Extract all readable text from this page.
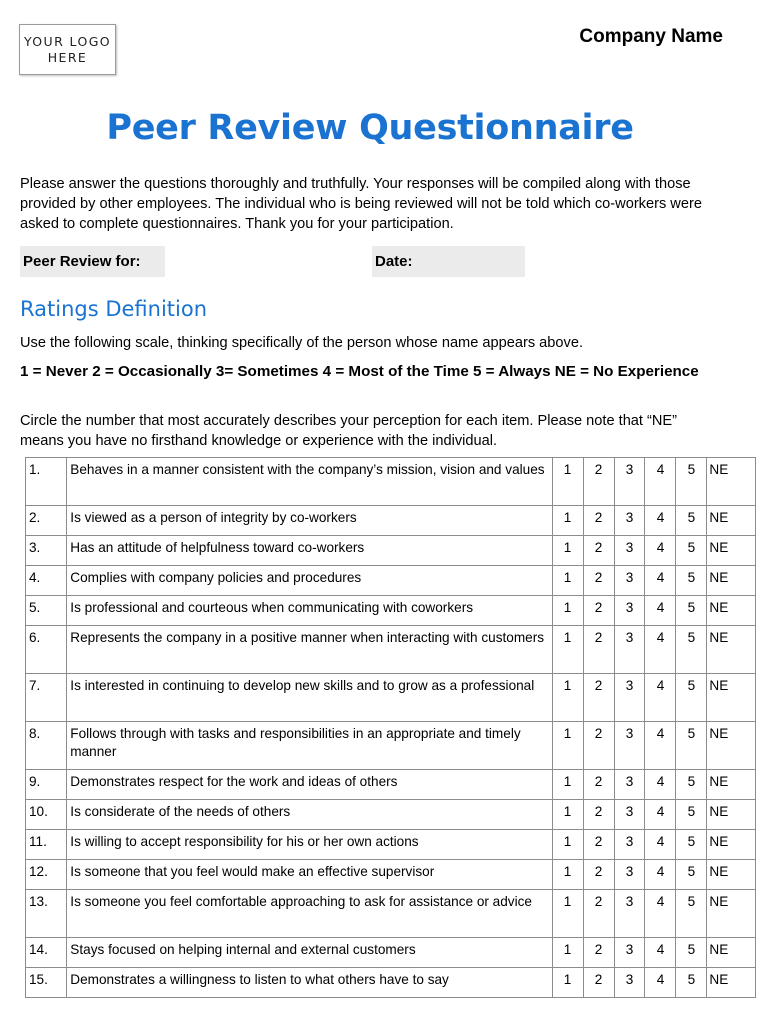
YOUR LOGO
HERE
Company Name
Peer Review Questionnaire
Please answer the questions thoroughly and truthfully. Your responses will be compiled along with those provided by other employees. The individual who is being reviewed will not be told which co-workers were asked to complete questionnaires. Thank you for your participation.
Peer Review for:	Date:
Ratings Definition
Use the following scale, thinking specifically of the person whose name appears above.
1 = Never 2 = Occasionally 3= Sometimes 4 = Most of the Time 5 = Always NE = No Experience
Circle the number that most accurately describes your perception for each item. Please note that “NE” means you have no firsthand knowledge or experience with the individual.
1.	Behaves in a manner consistent with the company’s mission, vision and values	1	2	3	4	5	NE
2.	Is viewed as a person of integrity by co-workers	1	2	3	4	5	NE
3.	Has an attitude of helpfulness toward co-workers	1	2	3	4	5	NE
4.	Complies with company policies and procedures	1	2	3	4	5	NE
5.	Is professional and courteous when communicating with coworkers	1	2	3	4	5	NE
6.	Represents the company in a positive manner when interacting with customers	1	2	3	4	5	NE
7.	Is interested in continuing to develop new skills and to grow as a professional	1	2	3	4	5	NE
8.	Follows through with tasks and responsibilities in an appropriate and timely manner	1	2	3	4	5	NE
9.	Demonstrates respect for the work and ideas of others	1	2	3	4	5	NE
10.	Is considerate of the needs of others	1	2	3	4	5	NE
11.	Is willing to accept responsibility for his or her own actions	1	2	3	4	5	NE
12.	Is someone that you feel would make an effective supervisor	1	2	3	4	5	NE
13.	Is someone you feel comfortable approaching to ask for assistance or advice	1	2	3	4	5	NE
14.	Stays focused on helping internal and external customers	1	2	3	4	5	NE
15.	Demonstrates a willingness to listen to what others have to say	1	2	3	4	5	NE
